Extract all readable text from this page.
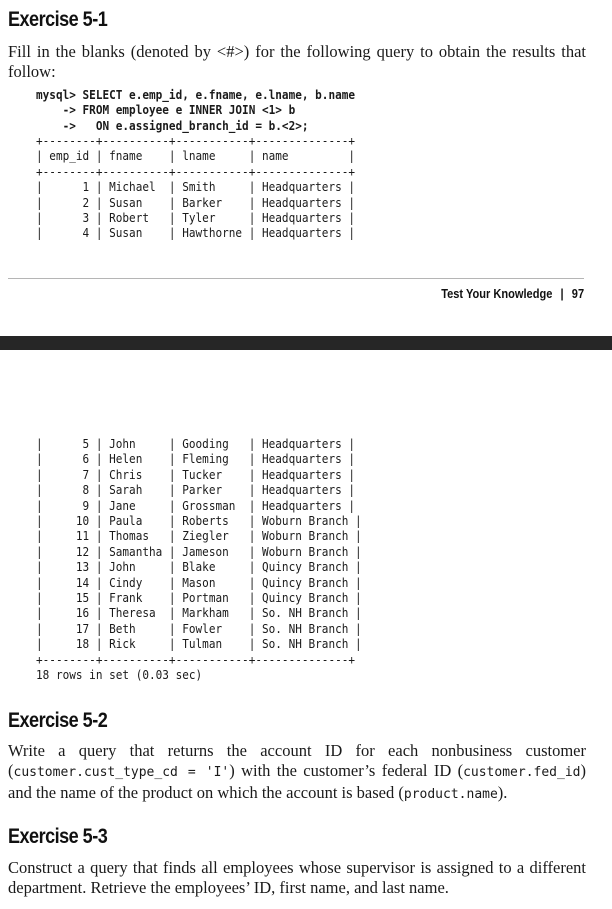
Exercise 5-1
Fill in the blanks (denoted by <#>) for the following query to obtain the results that follow:
mysql> SELECT e.emp_id, e.fname, e.lname, b.name
-> FROM employee e INNER JOIN <1> b
->   ON e.assigned_branch_id = b.<2>;
+--------+----------+-----------+--------------+
| emp_id | fname    | lname     | name         |
+--------+----------+-----------+--------------+
|      1 | Michael  | Smith     | Headquarters |
|      2 | Susan    | Barker    | Headquarters |
|      3 | Robert   | Tyler     | Headquarters |
|      4 | Susan    | Hawthorne | Headquarters |
Test Your Knowledge | 97
|      5 | John     | Gooding   | Headquarters |
|      6 | Helen    | Fleming   | Headquarters |
|      7 | Chris    | Tucker    | Headquarters |
|      8 | Sarah    | Parker    | Headquarters |
|      9 | Jane     | Grossman  | Headquarters |
|     10 | Paula    | Roberts   | Woburn Branch |
|     11 | Thomas   | Ziegler   | Woburn Branch |
|     12 | Samantha | Jameson   | Woburn Branch |
|     13 | John     | Blake     | Quincy Branch |
|     14 | Cindy    | Mason     | Quincy Branch |
|     15 | Frank    | Portman   | Quincy Branch |
|     16 | Theresa  | Markham   | So. NH Branch |
|     17 | Beth     | Fowler    | So. NH Branch |
|     18 | Rick     | Tulman    | So. NH Branch |
+--------+----------+-----------+--------------+
18 rows in set (0.03 sec)
Exercise 5-2
Write a query that returns the account ID for each nonbusiness customer (customer.cust_type_cd = 'I') with the customer’s federal ID (customer.fed_id) and the name of the product on which the account is based (product.name).
Exercise 5-3
Construct a query that finds all employees whose supervisor is assigned to a different department. Retrieve the employees’ ID, first name, and last name.
